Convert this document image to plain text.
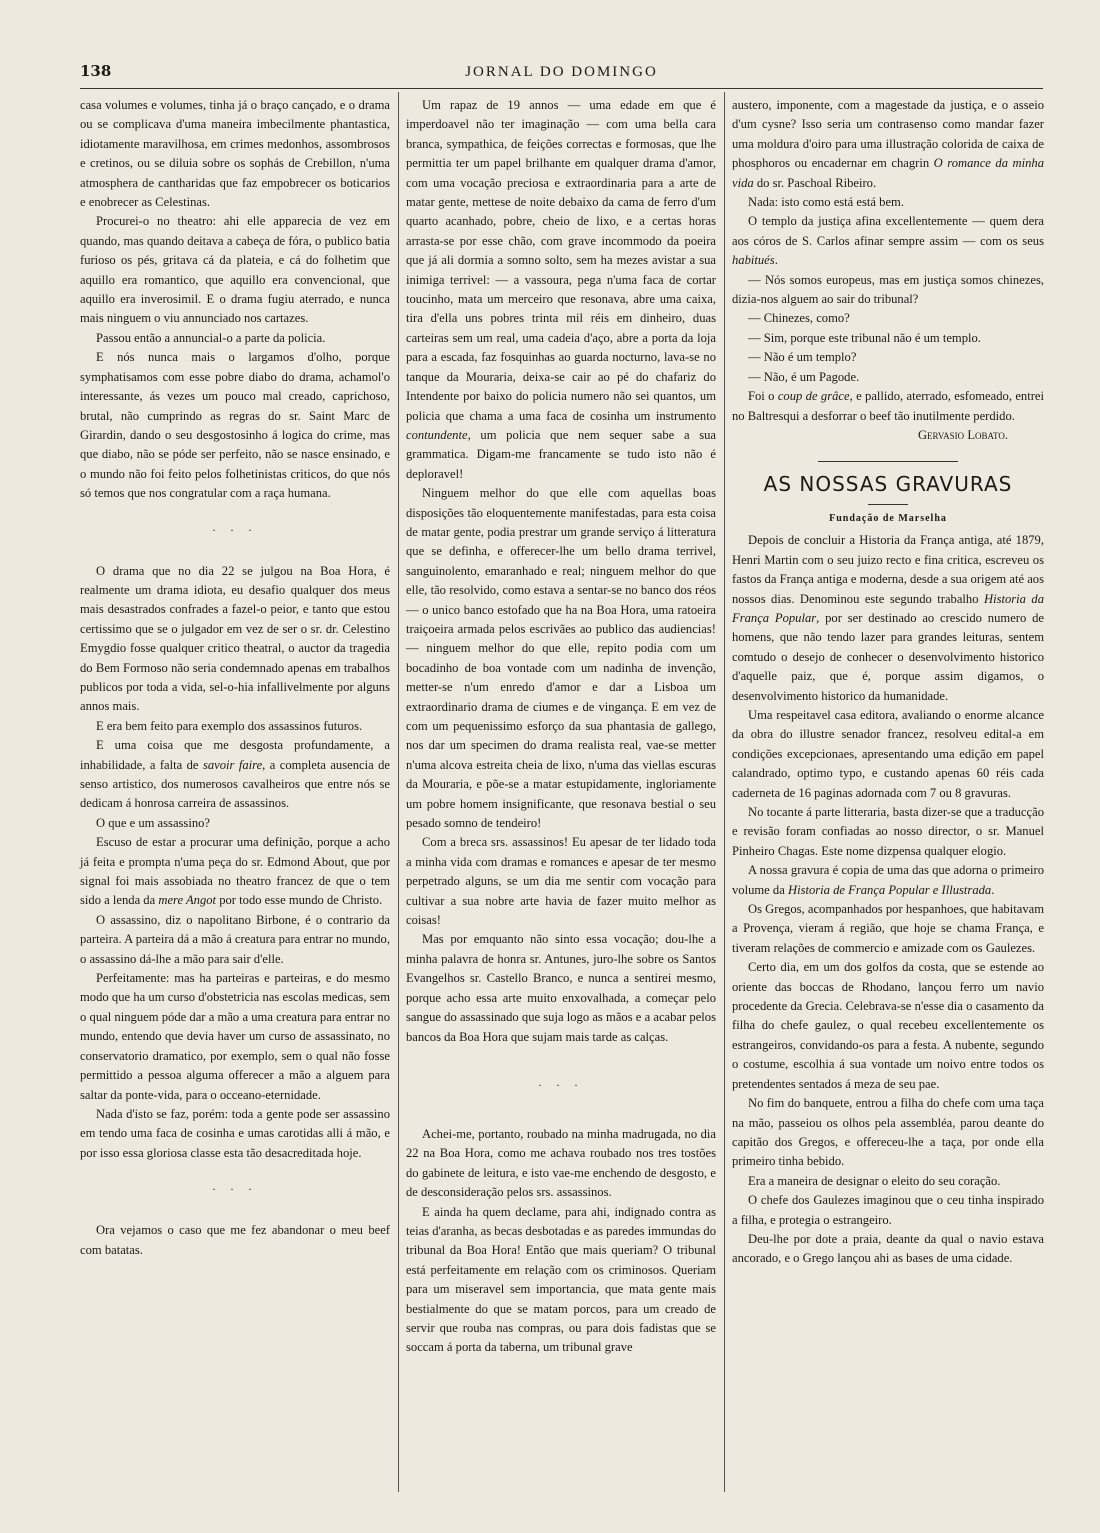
138	JORNAL DO DOMINGO

casa volumes e volumes, tinha já o braço cançado, e o drama ou se complicava d'uma maneira imbecilmente phantastica, idiotamente maravilhosa, em crimes medonhos, assombrosos e cretinos, ou se diluia sobre os sophás de Crebillon, n'uma atmosphera de cantharidas que faz empobrecer os boticarios e enobrecer as Celestinas.

Procurei-o no theatro: ahi elle apparecia de vez em quando, mas quando deitava a cabeça de fóra, o publico batia furioso os pés, gritava cá da plateia, e cá do folhetim que aquillo era romantico, que aquillo era convencional, que aquillo era inverosimil. E o drama fugiu aterrado, e nunca mais ninguem o viu annunciado nos cartazes.

Passou então a annuncial-o a parte da policia.

E nós nunca mais o largamos d'olho, porque symphatisamos com esse pobre diabo do drama, achamol'o interessante, ás vezes um pouco mal creado, caprichoso, brutal, não cumprindo as regras do sr. Saint Marc de Girardin, dando o seu desgostosinho á logica do crime, mas que diabo, não se póde ser perfeito, não se nasce ensinado, e o mundo não foi feito pelos folhetinistas criticos, do que nós só temos que nos congratular com a raça humana.

. . .

O drama que no dia 22 se julgou na Boa Hora, é realmente um drama idiota, eu desafio qualquer dos meus mais desastrados confrades a fazel-o peior, e tanto que estou certissimo que se o julgador em vez de ser o sr. dr. Celestino Emygdio fosse qualquer critico theatral, o auctor da tragedia do Bem Formoso não seria condemnado apenas em trabalhos publicos por toda a vida, sel-o-hia infallivelmente por alguns annos mais.

E era bem feito para exemplo dos assassinos futuros.

E uma coisa que me desgosta profundamente, a inhabilidade, a falta de savoir faire, a completa ausencia de senso artistico, dos numerosos cavalheiros que entre nós se dedicam á honrosa carreira de assassinos.

O que e um assassino?

Escuso de estar a procurar uma definição, porque a acho já feita e prompta n'uma peça do sr. Edmond About, que por signal foi mais assobiada no theatro francez de que o tem sido a lenda da mere Angot por todo esse mundo de Christo.

O assassino, diz o napolitano Birbone, é o contrario da parteira. A parteira dá a mão á creatura para entrar no mundo, o assassino dá-lhe a mão para sair d'elle.

Perfeitamente: mas ha parteiras e parteiras, e do mesmo modo que ha um curso d'obstetricia nas escolas medicas, sem o qual ninguem póde dar a mão a uma creatura para entrar no mundo, entendo que devia haver um curso de assassinato, no conservatorio dramatico, por exemplo, sem o qual não fosse permittido a pessoa alguma offerecer a mão a alguem para saltar da ponte-vida, para o occeano-eternidade.

Nada d'isto se faz, porém: toda a gente pode ser assassino em tendo uma faca de cosinha e umas carotidas alli á mão, e por isso essa gloriosa classe esta tão desacreditada hoje.

. . .

Ora vejamos o caso que me fez abandonar o meu beef com batatas.

Um rapaz de 19 annos — uma edade em que é imperdoavel não ter imaginação — com uma bella cara branca, sympathica, de feições correctas e formosas, que lhe permittia ter um papel brilhante em qualquer drama d'amor, com uma vocação preciosa e extraordinaria para a arte de matar gente, mettese de noite debaixo da cama de ferro d'um quarto acanhado, pobre, cheio de lixo, e a certas horas arrasta-se por esse chão, com grave incommodo da poeira que já ali dormia a somno solto, sem ha mezes avistar a sua inimiga terrivel: — a vassoura, pega n'uma faca de cortar toucinho, mata um merceiro que resonava, abre uma caixa, tira d'ella uns pobres trinta mil réis em dinheiro, duas carteiras sem um real, uma cadeia d'aço, abre a porta da loja para a escada, faz fosquinhas ao guarda nocturno, lava-se no tanque da Mouraria, deixa-se cair ao pé do chafariz do Intendente por baixo do policia numero não sei quantos, um policia que chama a uma faca de cosinha um instrumento contundente, um policia que nem sequer sabe a sua grammatica. Digam-me francamente se tudo isto não é deploravel!

Ninguem melhor do que elle com aquellas boas disposições tão eloquentemente manifestadas, para esta coisa de matar gente, podia prestrar um grande serviço á litteratura que se definha, e offerecer-lhe um bello drama terrivel, sanguinolento, emaranhado e real; ninguem melhor do que elle, tão resolvido, como estava a sentar-se no banco dos réos — o unico banco estofado que ha na Boa Hora, uma ratoeira traiçoeira armada pelos escrivães ao publico das audiencias! — ninguem melhor do que elle, repito podia com um bocadinho de boa vontade com um nadinha de invenção, metter-se n'um enredo d'amor e dar a Lisboa um extraordinario drama de ciumes e de vingança. E em vez de com um pequenissimo esforço da sua phantasia de gallego, nos dar um specimen do drama realista real, vae-se metter n'uma alcova estreita cheia de lixo, n'uma das viellas escuras da Mouraria, e põe-se a matar estupidamente, ingloriamente um pobre homem insignificante, que resonava bestial o seu pesado somno de tendeiro!

Com a breca srs. assassinos! Eu apesar de ter lidado toda a minha vida com dramas e romances e apesar de ter mesmo perpetrado alguns, se um dia me sentir com vocação para cultivar a sua nobre arte havia de fazer muito melhor as coisas!

Mas por emquanto não sinto essa vocação; dou-lhe a minha palavra de honra sr. Antunes, juro-lhe sobre os Santos Evangelhos sr. Castello Branco, e nunca a sentirei mesmo, porque acho essa arte muito enxovalhada, a começar pelo sangue do assassinado que suja logo as mãos e a acabar pelos bancos da Boa Hora que sujam mais tarde as calças.

. . .

Achei-me, portanto, roubado na minha madrugada, no dia 22 na Boa Hora, como me achava roubado nos tres tostões do gabinete de leitura, e isto vae-me enchendo de desgosto, e de desconsideração pelos srs. assassinos.

E ainda ha quem declame, para ahi, indignado contra as teias d'aranha, as becas desbotadas e as paredes immundas do tribunal da Boa Hora! Então que mais queriam? O tribunal está perfeitamente em relação com os criminosos. Queriam para um miseravel sem importancia, que mata gente mais bestialmente do que se matam porcos, para um creado de servir que rouba nas compras, ou para dois fadistas que se soccam á porta da taberna, um tribunal grave

austero, imponente, com a magestade da justiça, e o asseio d'um cysne? Isso seria um contrasenso como mandar fazer uma moldura d'oiro para uma illustração colorida de caixa de phosphoros ou encadernar em chagrin O romance da minha vida do sr. Paschoal Ribeiro.

Nada: isto como está está bem.

O templo da justiça afina excellentemente — quem dera aos córos de S. Carlos afinar sempre assim — com os seus habitués.

— Nós somos europeus, mas em justiça somos chinezes, dizia-nos alguem ao sair do tribunal?

— Chinezes, como?

— Sim, porque este tribunal não é um templo.

— Não é um templo?

— Não, é um Pagode.

Foi o coup de grâce, e pallido, aterrado, esfomeado, entrei no Baltresqui a desforrar o beef tão inutilmente perdido.

Gervasio Lobato.
AS NOSSAS GRAVURAS
Fundação de Marselha

Depois de concluir a Historia da França antiga, até 1879, Henri Martin com o seu juizo recto e fina critica, escreveu os fastos da França antiga e moderna, desde a sua origem até aos nossos dias. Denominou este segundo trabalho Historia da França Popular, por ser destinado ao crescido numero de homens, que não tendo lazer para grandes leituras, sentem comtudo o desejo de conhecer o desenvolvimento historico d'aquelle paiz, que é, porque assim digamos, o desenvolvimento historico da humanidade.

Uma respeitavel casa editora, avaliando o enorme alcance da obra do illustre senador francez, resolveu edital-a em condições excepcionaes, apresentando uma edição em papel calandrado, optimo typo, e custando apenas 60 réis cada caderneta de 16 paginas adornada com 7 ou 8 gravuras.

No tocante á parte litteraria, basta dizer-se que a traducção e revisão foram confiadas ao nosso director, o sr. Manuel Pinheiro Chagas. Este nome dizpensa qualquer elogio.

A nossa gravura é copia de uma das que adorna o primeiro volume da Historia de França Popular e Illustrada.

Os Gregos, acompanhados por hespanhoes, que habitavam a Provença, vieram á região, que hoje se chama França, e tiveram relações de commercio e amizade com os Gaulezes.

Certo dia, em um dos golfos da costa, que se estende ao oriente das boccas de Rhodano, lançou ferro um navio procedente da Grecia. Celebrava-se n'esse dia o casamento da filha do chefe gaulez, o qual recebeu excellentemente os estrangeiros, convidando-os para a festa. A nubente, segundo o costume, escolhia á sua vontade um noivo entre todos os pretendentes sentados á meza de seu pae.

No fim do banquete, entrou a filha do chefe com uma taça na mão, passeiou os olhos pela assembléa, parou deante do capitão dos Gregos, e offereceu-lhe a taça, por onde ella primeiro tinha bebido.

Era a maneira de designar o eleito do seu coração.

O chefe dos Gaulezes imaginou que o ceu tinha inspirado a filha, e protegia o estrangeiro.

Deu-lhe por dote a praia, deante da qual o navio estava ancorado, e o Grego lançou ahi as bases de uma cidade.
